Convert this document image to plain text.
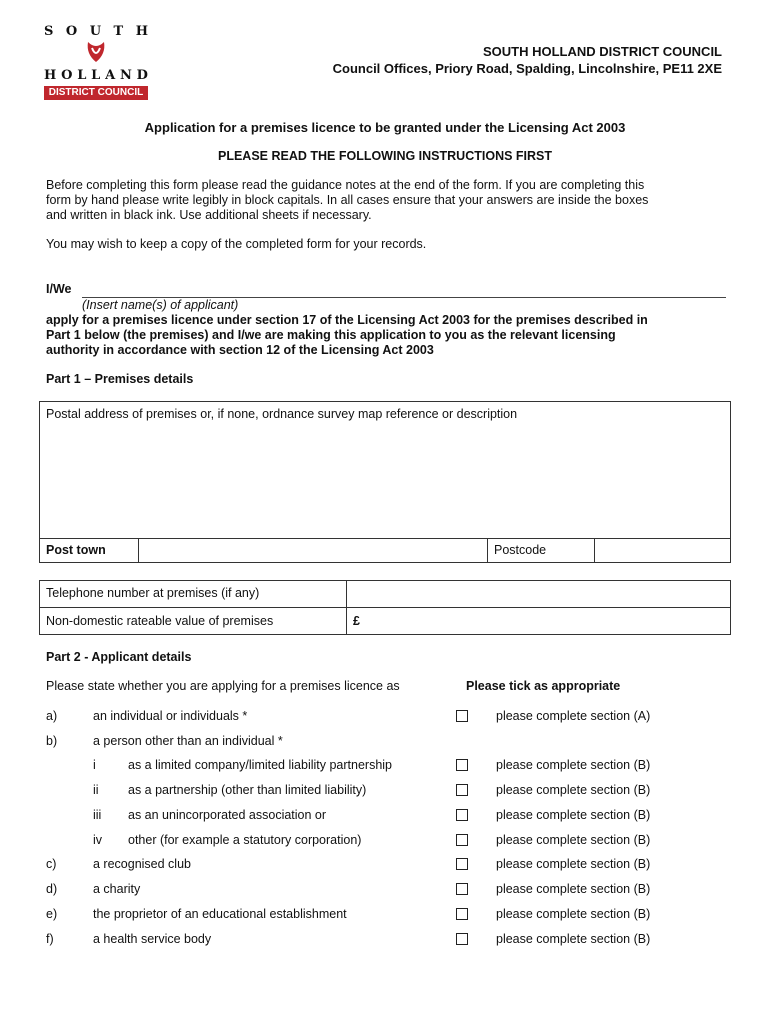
S O U T H
H O L L A N D
DISTRICT COUNCIL
SOUTH HOLLAND DISTRICT COUNCIL
Council Offices, Priory Road, Spalding, Lincolnshire, PE11 2XE
Application for a premises licence to be granted under the Licensing Act 2003
PLEASE READ THE FOLLOWING INSTRUCTIONS FIRST
Before completing this form please read the guidance notes at the end of the form. If you are completing this
form by hand please write legibly in block capitals. In all cases ensure that your answers are inside the boxes
and written in black ink. Use additional sheets if necessary.
You may wish to keep a copy of the completed form for your records.
I/We
(Insert name(s) of applicant)
apply for a premises licence under section 17 of the Licensing Act 2003 for the premises described in
Part 1 below (the premises) and I/we are making this application to you as the relevant licensing
authority in accordance with section 12 of the Licensing Act 2003
Part 1 – Premises details
Postal address of premises or, if none, ordnance survey map reference or description
Post town	Postcode
Telephone number at premises (if any)
Non-domestic rateable value of premises	£
Part 2 - Applicant details
Please state whether you are applying for a premises licence as	Please tick as appropriate
a)	an individual or individuals *	please complete section (A)
b)	a person other than an individual *
i	as a limited company/limited liability partnership	please complete section (B)
ii as a partnership (other than limited liability)	please complete section (B)
iii as an unincorporated association or	please complete section (B)
iv other (for example a statutory corporation)	please complete section (B)
c)	a recognised club	please complete section (B)
d)	a charity	please complete section (B)
e)	the proprietor of an educational establishment	please complete section (B)
f)	a health service body	please complete section (B)
